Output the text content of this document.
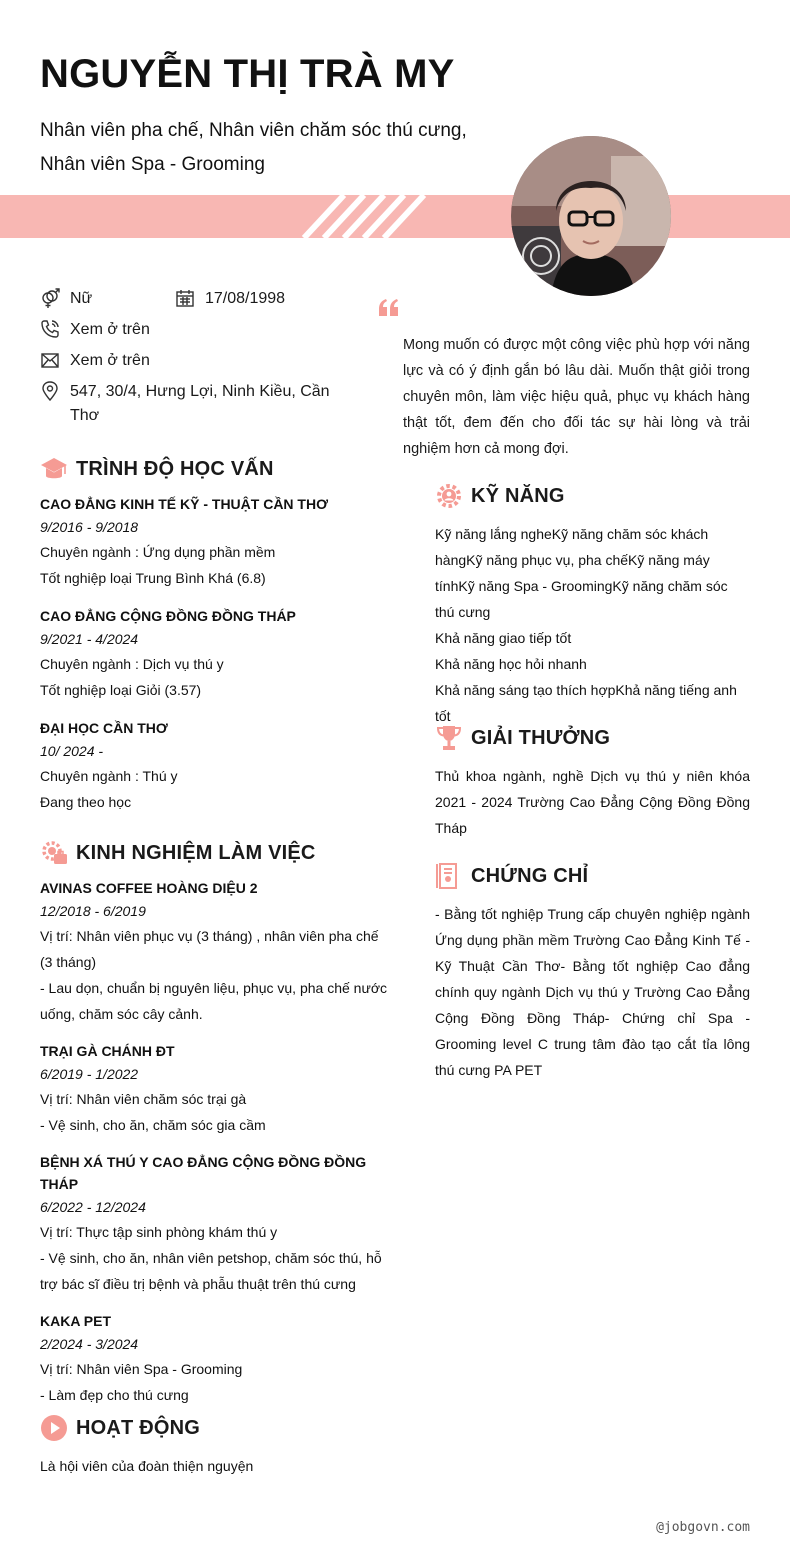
NGUYỄN THỊ TRÀ MY
Nhân viên pha chế, Nhân viên chăm sóc thú cưng,
Nhân viên Spa - Grooming
Nữ	17/08/1998
Xem ở trên
Xem ở trên
547, 30/4, Hưng Lợi, Ninh Kiều, Cần Thơ

Mong muốn có được một công việc phù hợp với năng lực và có ý định gắn bó lâu dài. Muốn thật giỏi trong chuyên môn, làm việc hiệu quả, phục vụ khách hàng thật tốt, đem đến cho đối tác sự hài lòng và trải nghiệm hơn cả mong đợi.

TRÌNH ĐỘ HỌC VẤN
CAO ĐẲNG KINH TẾ KỸ - THUẬT CẦN THƠ
9/2016 - 9/2018
Chuyên ngành : Ứng dụng phần mềm
Tốt nghiệp loại Trung Bình Khá (6.8)
CAO ĐẲNG CỘNG ĐỒNG ĐỒNG THÁP
9/2021 - 4/2024
Chuyên ngành : Dịch vụ thú y
Tốt nghiệp loại Giỏi (3.57)
ĐẠI HỌC CẦN THƠ
10/ 2024 -
Chuyên ngành : Thú y
Đang theo học
KINH NGHIỆM LÀM VIỆC
AVINAS COFFEE HOÀNG DIỆU 2
12/2018 - 6/2019
Vị trí: Nhân viên phục vụ (3 tháng) , nhân viên pha chế (3 tháng)
- Lau dọn, chuẩn bị nguyên liệu, phục vụ, pha chế nước uống, chăm sóc cây cảnh.
TRẠI GÀ CHÁNH ĐT
6/2019 - 1/2022
Vị trí: Nhân viên chăm sóc trại gà
- Vệ sinh, cho ăn, chăm sóc gia cầm
BỆNH XÁ THÚ Y CAO ĐẲNG CỘNG ĐỒNG ĐỒNG THÁP
6/2022 - 12/2024
Vị trí: Thực tập sinh phòng khám thú y
- Vệ sinh, cho ăn, nhân viên petshop, chăm sóc thú, hỗ trợ bác sĩ điều trị bệnh và phẫu thuật trên thú cưng
KAKA PET
2/2024 - 3/2024
Vị trí: Nhân viên Spa - Grooming
- Làm đẹp cho thú cưng
HOẠT ĐỘNG
Là hội viên của đoàn thiện nguyện
KỸ NĂNG
Kỹ năng lắng ngheKỹ năng chăm sóc khách hàngKỹ năng phục vụ, pha chếKỹ năng máy tínhKỹ năng Spa - GroomingKỹ năng chăm sóc thú cưng
Khả năng giao tiếp tốt
Khả năng học hỏi nhanh
Khả năng sáng tạo thích hợpKhả năng tiếng anh tốt
GIẢI THƯỞNG
Thủ khoa ngành, nghề Dịch vụ thú y niên khóa 2021 - 2024 Trường Cao Đẳng Cộng Đồng Đồng Tháp
CHỨNG CHỈ
- Bằng tốt nghiệp Trung cấp chuyên nghiệp ngành Ứng dụng phần mềm Trường Cao Đẳng Kinh Tế - Kỹ Thuật Cần Thơ- Bằng tốt nghiệp Cao đẳng chính quy ngành Dịch vụ thú y Trường Cao Đẳng Cộng Đồng Đồng Tháp- Chứng chỉ Spa - Grooming level C trung tâm đào tạo cắt tỉa lông thú cưng PA PET
@jobgovn.com
